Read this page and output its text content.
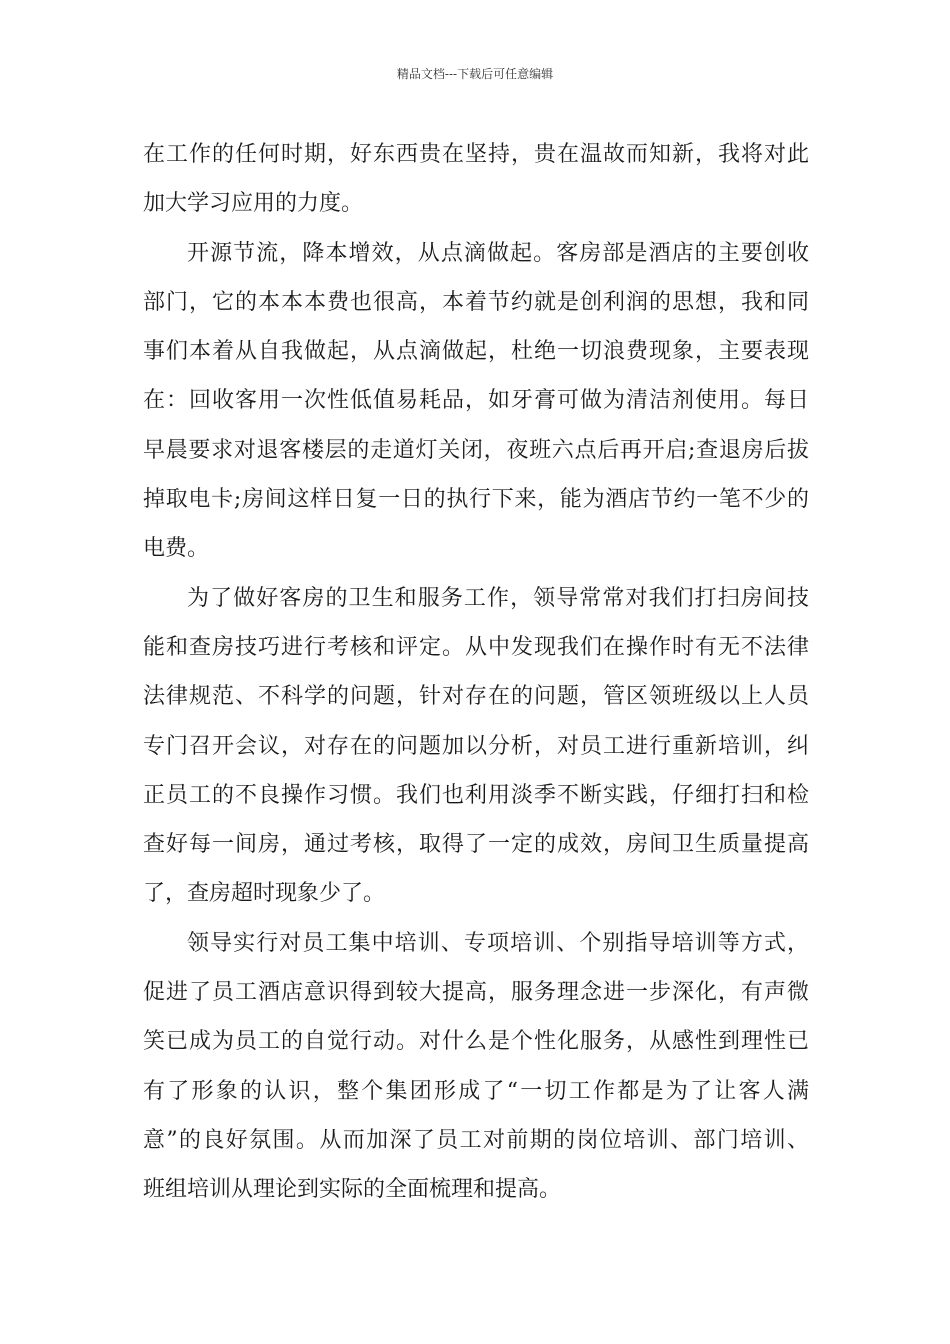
精品文档---下载后可任意编辑
在工作的任何时期，好东西贵在坚持，贵在温故而知新，我将对此
加大学习应用的力度。
开源节流，降本增效，从点滴做起。客房部是酒店的主要创收
部门，它的本本本费也很高，本着节约就是创利润的思想，我和同
事们本着从自我做起，从点滴做起，杜绝一切浪费现象，主要表现
在：回收客用一次性低值易耗品，如牙膏可做为清洁剂使用。每日
早晨要求对退客楼层的走道灯关闭，夜班六点后再开启;查退房后拔
掉取电卡;房间这样日复一日的执行下来，能为酒店节约一笔不少的
电费。
为了做好客房的卫生和服务工作，领导常常对我们打扫房间技
能和查房技巧进行考核和评定。从中发现我们在操作时有无不法律
法律规范、不科学的问题，针对存在的问题，管区领班级以上人员
专门召开会议，对存在的问题加以分析，对员工进行重新培训，纠
正员工的不良操作习惯。我们也利用淡季不断实践，仔细打扫和检
查好每一间房，通过考核，取得了一定的成效，房间卫生质量提高
了，查房超时现象少了。
领导实行对员工集中培训、专项培训、个别指导培训等方式，
促进了员工酒店意识得到较大提高，服务理念进一步深化，有声微
笑已成为员工的自觉行动。对什么是个性化服务，从感性到理性已
有了形象的认识，整个集团形成了“一切工作都是为了让客人满
意”的良好氛围。从而加深了员工对前期的岗位培训、部门培训、
班组培训从理论到实际的全面梳理和提高。
